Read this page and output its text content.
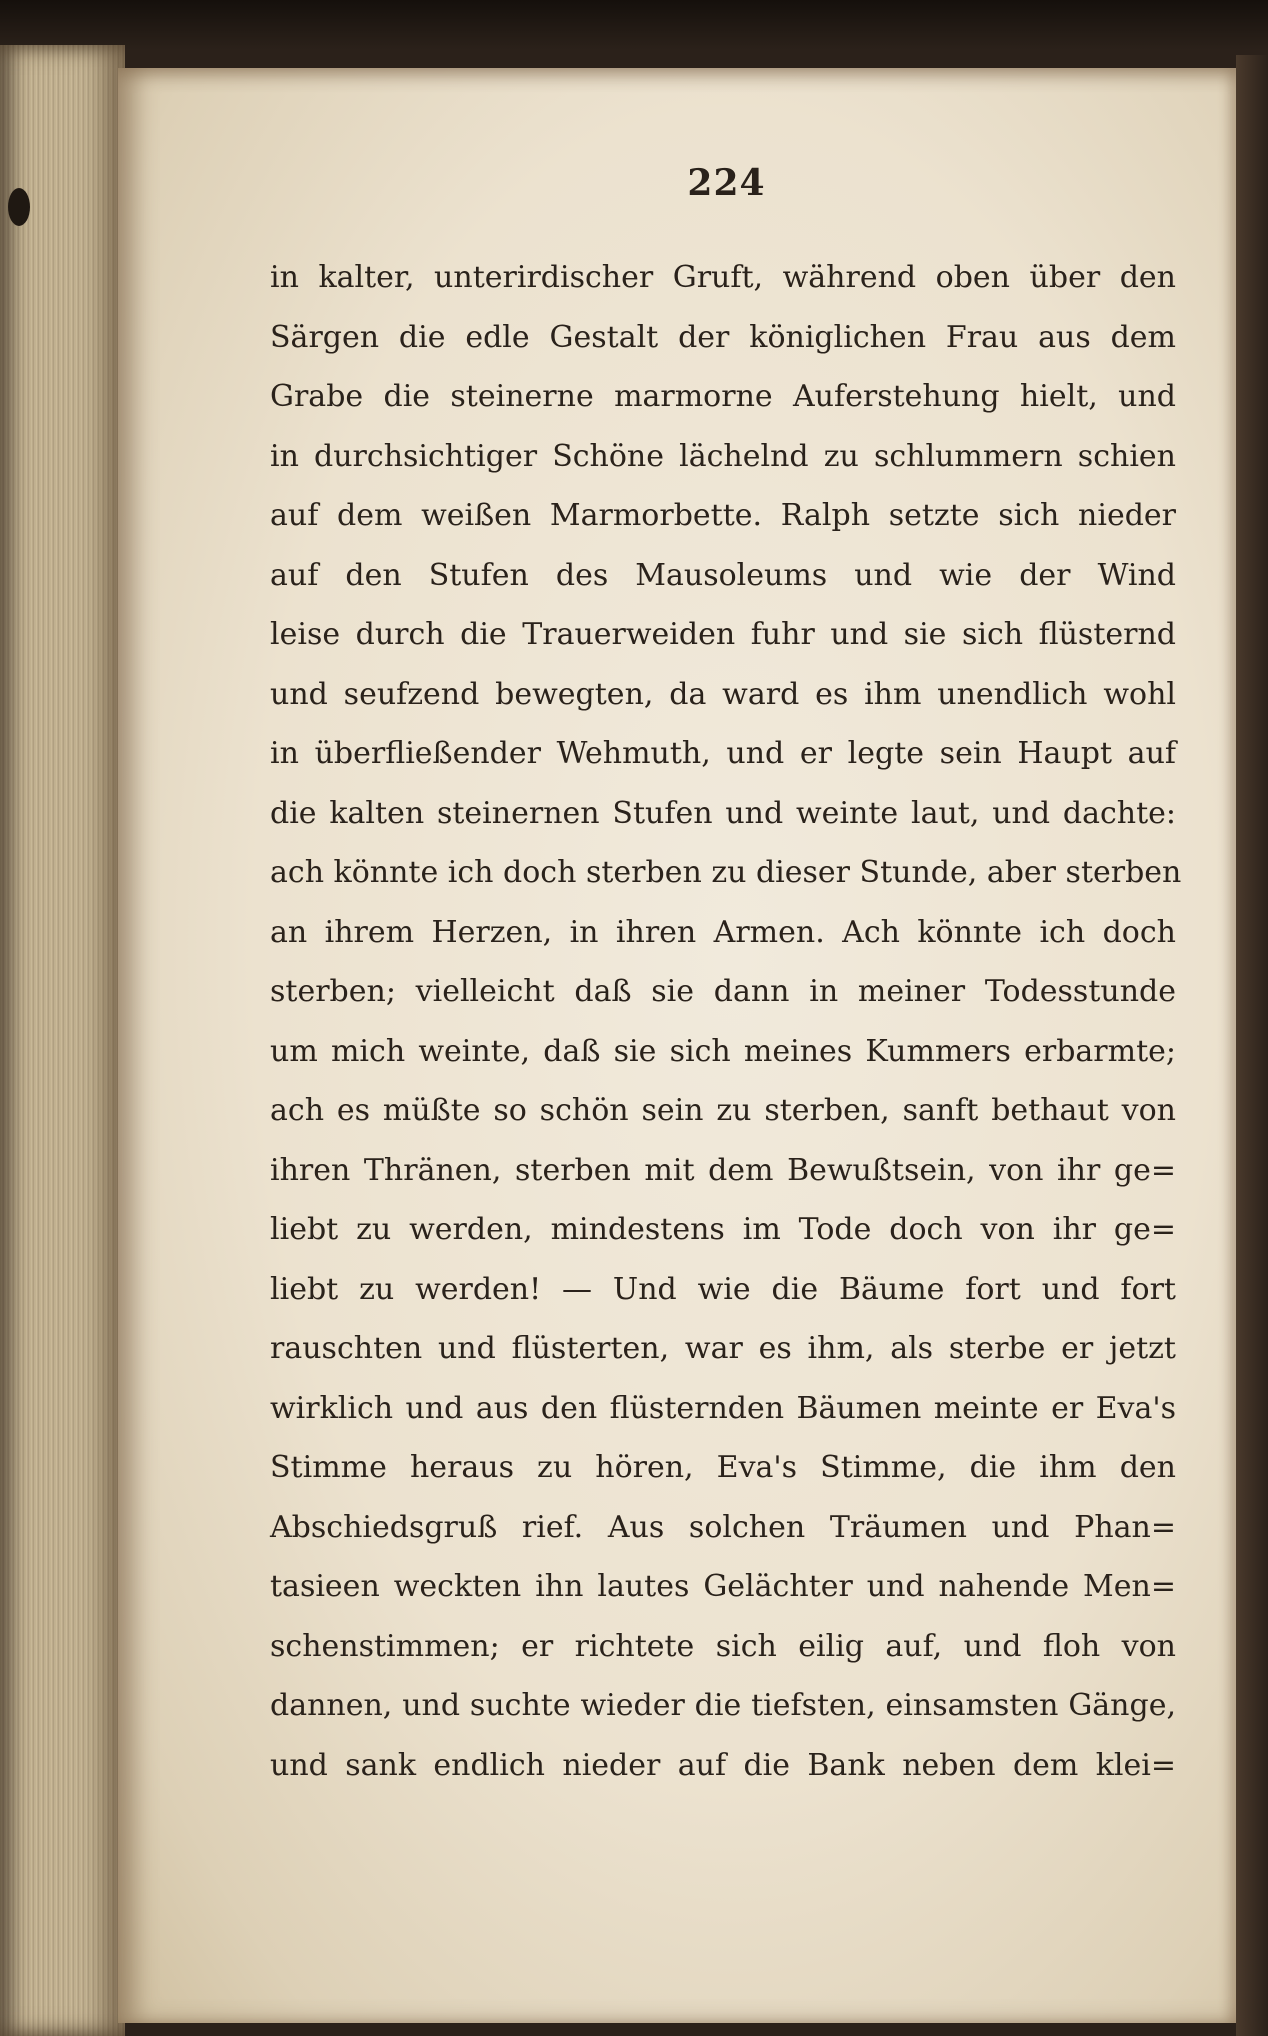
224
in kalter, unterirdischer Gruft, während oben über den
Särgen die edle Gestalt der königlichen Frau aus dem
Grabe die steinerne marmorne Auferstehung hielt, und
in durchsichtiger Schöne lächelnd zu schlummern schien
auf dem weißen Marmorbette. Ralph setzte sich nieder
auf den Stufen des Mausoleums und wie der Wind
leise durch die Trauerweiden fuhr und sie sich flüsternd
und seufzend bewegten, da ward es ihm unendlich wohl
in überfließender Wehmuth, und er legte sein Haupt auf
die kalten steinernen Stufen und weinte laut, und dachte:
ach könnte ich doch sterben zu dieser Stunde, aber sterben
an ihrem Herzen, in ihren Armen. Ach könnte ich doch
sterben; vielleicht daß sie dann in meiner Todesstunde
um mich weinte, daß sie sich meines Kummers erbarmte;
ach es müßte so schön sein zu sterben, sanft bethaut von
ihren Thränen, sterben mit dem Bewußtsein, von ihr ge=
liebt zu werden, mindestens im Tode doch von ihr ge=
liebt zu werden! — Und wie die Bäume fort und fort
rauschten und flüsterten, war es ihm, als sterbe er jetzt
wirklich und aus den flüsternden Bäumen meinte er Eva's
Stimme heraus zu hören, Eva's Stimme, die ihm den
Abschiedsgruß rief. Aus solchen Träumen und Phan=
tasieen weckten ihn lautes Gelächter und nahende Men=
schenstimmen; er richtete sich eilig auf, und floh von
dannen, und suchte wieder die tiefsten, einsamsten Gänge,
und sank endlich nieder auf die Bank neben dem klei=
